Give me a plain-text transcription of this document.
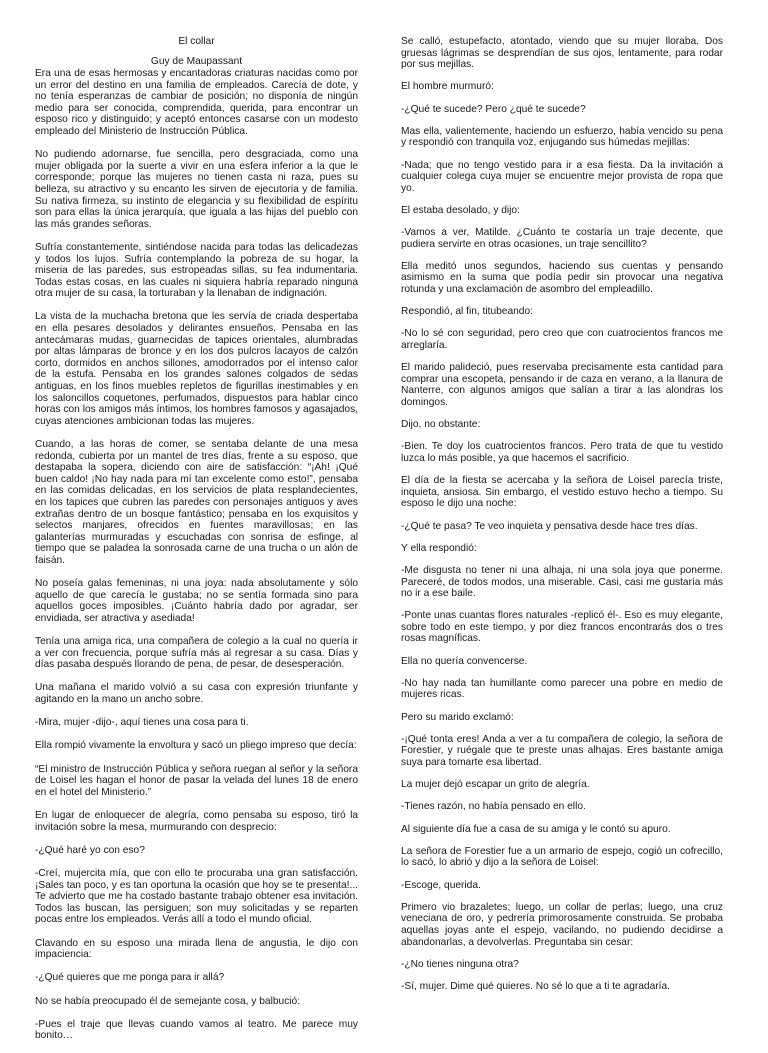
El collar
Guy de Maupassant

Era una de esas hermosas y encantadoras criaturas nacidas como por un error del destino en una familia de empleados. Carecía de dote, y no tenía esperanzas de cambiar de posición; no disponía de ningún medio para ser conocida, comprendida, querida, para encontrar un esposo rico y distinguido; y aceptó entonces casarse con un modesto empleado del Ministerio de Instrucción Pública.

No pudiendo adornarse, fue sencilla, pero desgraciada, como una mujer obligada por la suerte a vivir en una esfera inferior a la que le corresponde; porque las mujeres no tienen casta ni raza, pues su belleza, su atractivo y su encanto les sirven de ejecutoria y de familia. Su nativa firmeza, su instinto de elegancia y su flexibilidad de espíritu son para ellas la única jerarquía, que iguala a las hijas del pueblo con las más grandes señoras.

Sufría constantemente, sintiéndose nacida para todas las delicadezas y todos los lujos. Sufría contemplando la pobreza de su hogar, la miseria de las paredes, sus estropeadas sillas, su fea indumentaria. Todas estas cosas, en las cuales ni siquiera habría reparado ninguna otra mujer de su casa, la torturaban y la llenaban de indignación.

La vista de la muchacha bretona que les servía de criada despertaba en ella pesares desolados y delirantes ensueños. Pensaba en las antecámaras mudas, guarnecidas de tapices orientales, alumbradas por altas lámparas de bronce y en los dos pulcros lacayos de calzón corto, dormidos en anchos sillones, amodorrados por el intenso calor de la estufa. Pensaba en los grandes salones colgados de sedas antiguas, en los finos muebles repletos de figurillas inestimables y en los saloncillos coquetones, perfumados, dispuestos para hablar cinco horas con los amigos más íntimos, los hombres famosos y agasajados, cuyas atenciones ambicionan todas las mujeres.

Cuando, a las horas de comer, se sentaba delante de una mesa redonda, cubierta por un mantel de tres días, frente a su esposo, que destapaba la sopera, diciendo con aire de satisfacción: “¡Ah! ¡Qué buen caldo! ¡No hay nada para mí tan excelente como esto!”, pensaba en las comidas delicadas, en los servicios de plata resplandecientes, en los tapices que cubren las paredes con personajes antiguos y aves extrañas dentro de un bosque fantástico; pensaba en los exquisitos y selectos manjares, ofrecidos en fuentes maravillosas; en las galanterías murmuradas y escuchadas con sonrisa de esfinge, al tiempo que se paladea la sonrosada carne de una trucha o un alón de faisán.

No poseía galas femeninas, ni una joya: nada absolutamente y sólo aquello de que carecía le gustaba; no se sentía formada sino para aquellos goces imposibles. ¡Cuánto habría dado por agradar, ser envidiada, ser atractiva y asediada!

Tenía una amiga rica, una compañera de colegio a la cual no quería ir a ver con frecuencia, porque sufría más al regresar a su casa. Días y días pasaba después llorando de pena, de pesar, de desesperación.

Una mañana el marido volvió a su casa con expresión triunfante y agitando en la mano un ancho sobre.

-Mira, mujer -dijo-, aquí tienes una cosa para ti.

Ella rompió vivamente la envoltura y sacó un pliego impreso que decía:

“El ministro de Instrucción Pública y señora ruegan al señor y la señora de Loisel les hagan el honor de pasar la velada del lunes 18 de enero en el hotel del Ministerio.”

En lugar de enloquecer de alegría, como pensaba su esposo, tiró la invitación sobre la mesa, murmurando con desprecio:

-¿Qué haré yo con eso?

-Creí, mujercita mía, que con ello te procuraba una gran satisfacción. ¡Sales tan poco, y es tan oportuna la ocasión que hoy se te presenta!... Te advierto que me ha costado bastante trabajo obtener esa invitación. Todos las buscan, las persiguen; son muy solicitadas y se reparten pocas entre los empleados. Verás allí a todo el mundo oficial.

Clavando en su esposo una mirada llena de angustia, le dijo con impaciencia:

-¿Qué quieres que me ponga para ir allá?

No se había preocupado él de semejante cosa, y balbució:

-Pues el traje que llevas cuando vamos al teatro. Me parece muy bonito…

Se calló, estupefacto, atontado, viendo que su mujer lloraba. Dos gruesas lágrimas se desprendían de sus ojos, lentamente, para rodar por sus mejillas.

El hombre murmuró:

-¿Qué te sucede? Pero ¿qué te sucede?

Mas ella, valientemente, haciendo un esfuerzo, había vencido su pena y respondió con tranquila voz, enjugando sus húmedas mejillas:

-Nada; que no tengo vestido para ir a esa fiesta. Da la invitación a cualquier colega cuya mujer se encuentre mejor provista de ropa que yo.

El estaba desolado, y dijo:

-Vamos a ver, Matilde. ¿Cuánto te costaría un traje decente, que pudiera servirte en otras ocasiones, un traje sencillito?

Ella meditó unos segundos, haciendo sus cuentas y pensando asimismo en la suma que podía pedir sin provocar una negativa rotunda y una exclamación de asombro del empleadillo.

Respondió, al fin, titubeando:

-No lo sé con seguridad, pero creo que con cuatrocientos francos me arreglaría.

El marido palideció, pues reservaba precisamente esta cantidad para comprar una escopeta, pensando ir de caza en verano, a la llanura de Nanterre, con algunos amigos que salían a tirar a las alondras los domingos.

Dijo, no obstante:

-Bien. Te doy los cuatrocientos francos. Pero trata de que tu vestido luzca lo más posible, ya que hacemos el sacrificio.

El día de la fiesta se acercaba y la señora de Loisel parecía triste, inquieta, ansiosa. Sin embargo, el vestido estuvo hecho a tiempo. Su esposo le dijo una noche:

-¿Qué te pasa? Te veo inquieta y pensativa desde hace tres días.

Y ella respondió:

-Me disgusta no tener ni una alhaja, ni una sola joya que ponerme. Pareceré, de todos modos, una miserable. Casi, casi me gustaría más no ir a ese baile.

-Ponte unas cuantas flores naturales -replicó él-. Eso es muy elegante, sobre todo en este tiempo, y por diez francos encontrarás dos o tres rosas magníficas.

Ella no quería convencerse.

-No hay nada tan humillante como parecer una pobre en medio de mujeres ricas.

Pero su marido exclamó:

-¡Qué tonta eres! Anda a ver a tu compañera de colegio, la señora de Forestier, y ruégale que te preste unas alhajas. Eres bastante amiga suya para tomarte esa libertad.

La mujer dejó escapar un grito de alegría.

-Tienes razón, no había pensado en ello.

Al siguiente día fue a casa de su amiga y le contó su apuro.

La señora de Forestier fue a un armario de espejo, cogió un cofrecillo, lo sacó, lo abrió y dijo a la señora de Loisel:

-Escoge, querida.

Primero vio brazaletes; luego, un collar de perlas; luego, una cruz veneciana de oro, y pedrería primorosamente construida. Se probaba aquellas joyas ante el espejo, vacilando, no pudiendo decidirse a abandonarlas, a devolverlas. Preguntaba sin cesar:

-¿No tienes ninguna otra?

-Sí, mujer. Dime qué quieres. No sé lo que a ti te agradaría.
